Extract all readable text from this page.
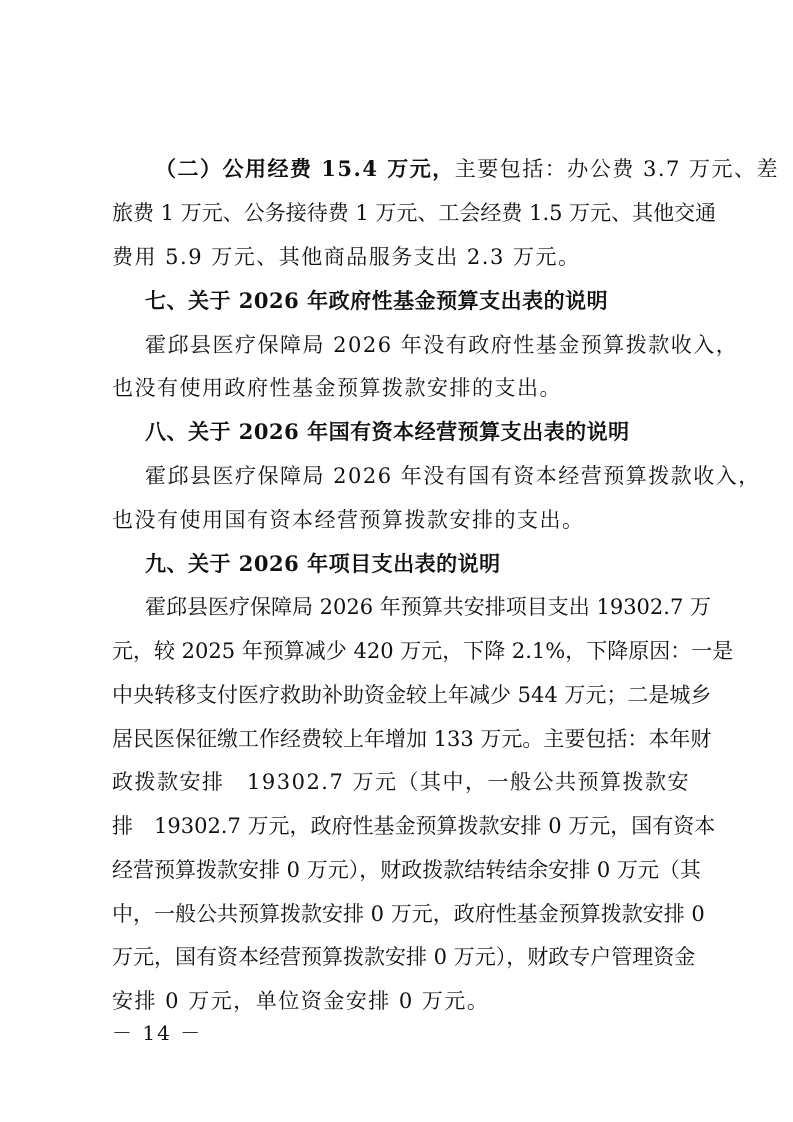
（二）公用经费 15.4 万元，主要包括：办公费 3.7 万元、差
旅费 1 万元、公务接待费 1 万元、工会经费 1.5 万元、其他交通
费用 5.9 万元、其他商品服务支出 2.3 万元。
七、关于 2026 年政府性基金预算支出表的说明
霍邱县医疗保障局 2026 年没有政府性基金预算拨款收入，
也没有使用政府性基金预算拨款安排的支出。
八、关于 2026 年国有资本经营预算支出表的说明
霍邱县医疗保障局 2026 年没有国有资本经营预算拨款收入，
也没有使用国有资本经营预算拨款安排的支出。
九、关于 2026 年项目支出表的说明
霍邱县医疗保障局 2026 年预算共安排项目支出 19302.7 万
元，较 2025 年预算减少 420 万元，下降 2.1%，下降原因：一是
中央转移支付医疗救助补助资金较上年减少 544 万元；二是城乡
居民医保征缴工作经费较上年增加 133 万元。主要包括：本年财
政拨款安排　19302.7 万元（其中，一般公共预算拨款安
排　19302.7 万元，政府性基金预算拨款安排 0 万元，国有资本
经营预算拨款安排 0 万元），财政拨款结转结余安排 0 万元（其
中，一般公共预算拨款安排 0 万元，政府性基金预算拨款安排 0
万元，国有资本经营预算拨款安排 0 万元），财政专户管理资金
安排 0 万元，单位资金安排 0 万元。
－ 14 －
